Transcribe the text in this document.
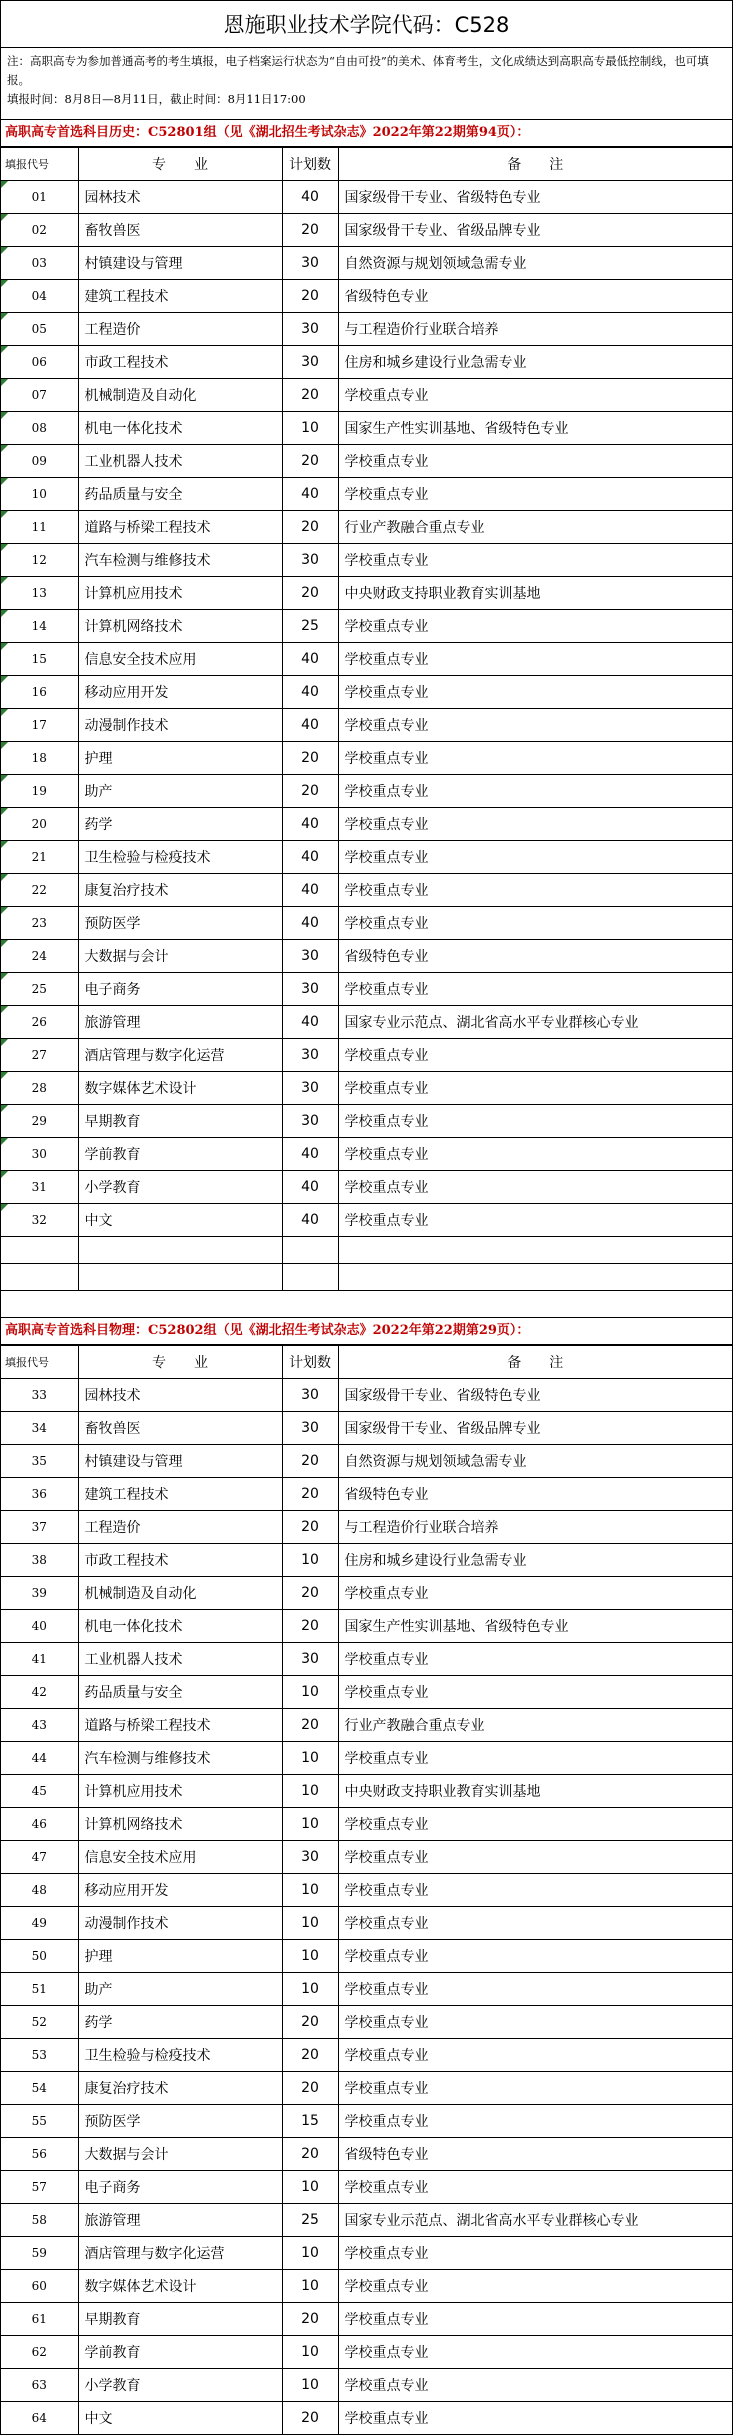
恩施职业技术学院代码：C528
注：高职高专为参加普通高考的考生填报，电子档案运行状态为“自由可投”的美术、体育考生，文化成绩达到高职高专最低控制线，也可填报。
填报时间：8月8日—8月11日，截止时间：8月11日17:00
高职高专首选科目历史：C52801组（见《湖北招生考试杂志》2022年第22期第94页）：
填报代号	专　　业	计划数	备　　注

01	园林技术	40	国家级骨干专业、省级特色专业

02	畜牧兽医	20	国家级骨干专业、省级品牌专业

03	村镇建设与管理	30	自然资源与规划领域急需专业

04	建筑工程技术	20	省级特色专业

05	工程造价	30	与工程造价行业联合培养

06	市政工程技术	30	住房和城乡建设行业急需专业

07	机械制造及自动化	20	学校重点专业

08	机电一体化技术	10	国家生产性实训基地、省级特色专业

09	工业机器人技术	20	学校重点专业

10	药品质量与安全	40	学校重点专业

11	道路与桥梁工程技术	20	行业产教融合重点专业

12	汽车检测与维修技术	30	学校重点专业

13	计算机应用技术	20	中央财政支持职业教育实训基地

14	计算机网络技术	25	学校重点专业

15	信息安全技术应用	40	学校重点专业

16	移动应用开发	40	学校重点专业

17	动漫制作技术	40	学校重点专业

18	护理	20	学校重点专业

19	助产	20	学校重点专业

20	药学	40	学校重点专业

21	卫生检验与检疫技术	40	学校重点专业

22	康复治疗技术	40	学校重点专业

23	预防医学	40	学校重点专业

24	大数据与会计	30	省级特色专业

25	电子商务	30	学校重点专业

26	旅游管理	40	国家专业示范点、湖北省高水平专业群核心专业

27	酒店管理与数字化运营	30	学校重点专业

28	数字媒体艺术设计	30	学校重点专业

29	早期教育	30	学校重点专业

30	学前教育	40	学校重点专业

31	小学教育	40	学校重点专业

32	中文	40	学校重点专业

高职高专首选科目物理：C52802组（见《湖北招生考试杂志》2022年第22期第29页）：
填报代号	专　　业	计划数	备　　注
33	园林技术	30	国家级骨干专业、省级特色专业
34	畜牧兽医	30	国家级骨干专业、省级品牌专业
35	村镇建设与管理	20	自然资源与规划领域急需专业
36	建筑工程技术	20	省级特色专业
37	工程造价	20	与工程造价行业联合培养
38	市政工程技术	10	住房和城乡建设行业急需专业
39	机械制造及自动化	20	学校重点专业
40	机电一体化技术	20	国家生产性实训基地、省级特色专业
41	工业机器人技术	30	学校重点专业
42	药品质量与安全	10	学校重点专业
43	道路与桥梁工程技术	20	行业产教融合重点专业
44	汽车检测与维修技术	10	学校重点专业
45	计算机应用技术	10	中央财政支持职业教育实训基地
46	计算机网络技术	10	学校重点专业
47	信息安全技术应用	30	学校重点专业
48	移动应用开发	10	学校重点专业
49	动漫制作技术	10	学校重点专业
50	护理	10	学校重点专业
51	助产	10	学校重点专业
52	药学	20	学校重点专业
53	卫生检验与检疫技术	20	学校重点专业
54	康复治疗技术	20	学校重点专业
55	预防医学	15	学校重点专业
56	大数据与会计	20	省级特色专业
57	电子商务	10	学校重点专业
58	旅游管理	25	国家专业示范点、湖北省高水平专业群核心专业
59	酒店管理与数字化运营	10	学校重点专业
60	数字媒体艺术设计	10	学校重点专业
61	早期教育	20	学校重点专业
62	学前教育	10	学校重点专业
63	小学教育	10	学校重点专业
64	中文	20	学校重点专业
